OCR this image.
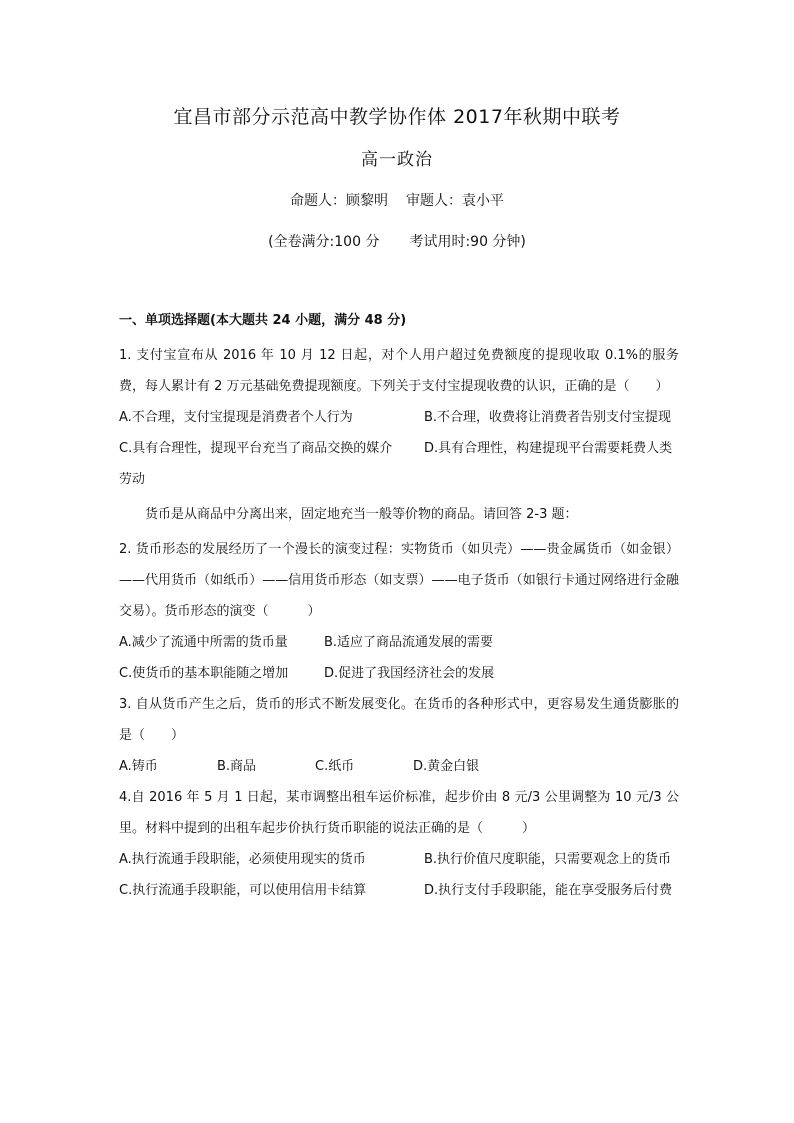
宜昌市部分示范高中教学协作体 2017年秋期中联考
高一政治
命题人：顾黎明 审题人：袁小平
(全卷满分:100 分 考试用时:90 分钟)
一、单项选择题(本大题共 24 小题，满分 48 分)
1. 支付宝宣布从 2016 年 10 月 12 日起，对个人用户超过免费额度的提现收取 0.1%的服务费，每人累计有 2 万元基础免费提现额度。下列关于支付宝提现收费的认识，正确的是（　　）
A.不合理，支付宝提现是消费者个人行为	B.不合理，收费将让消费者告别支付宝提现
C.具有合理性，提现平台充当了商品交换的媒介 D.具有合理性，构建提现平台需要耗费人类劳动
货币是从商品中分离出来，固定地充当一般等价物的商品。请回答 2-3 题：
2. 货币形态的发展经历了一个漫长的演变过程：实物货币（如贝壳）——贵金属货币（如金银）——代用货币（如纸币）——信用货币形态（如支票）——电子货币（如银行卡通过网络进行金融交易）。货币形态的演变（　　　）
A.减少了流通中所需的货币量	B.适应了商品流通发展的需要
C.使货币的基本职能随之增加	D.促进了我国经济社会的发展
3. 自从货币产生之后，货币的形式不断发展变化。在货币的各种形式中，更容易发生通货膨胀的是（　　）
A.铸币	B.商品	C.纸币	D.黄金白银
4.自 2016 年 5 月 1 日起，某市调整出租车运价标准，起步价由 8 元/3 公里调整为 10 元/3 公里。材料中提到的出租车起步价执行货币职能的说法正确的是（　　　）
A.执行流通手段职能，必须使用现实的货币	B.执行价值尺度职能，只需要观念上的货币
C.执行流通手段职能，可以使用信用卡结算	D.执行支付手段职能，能在享受服务后付费
